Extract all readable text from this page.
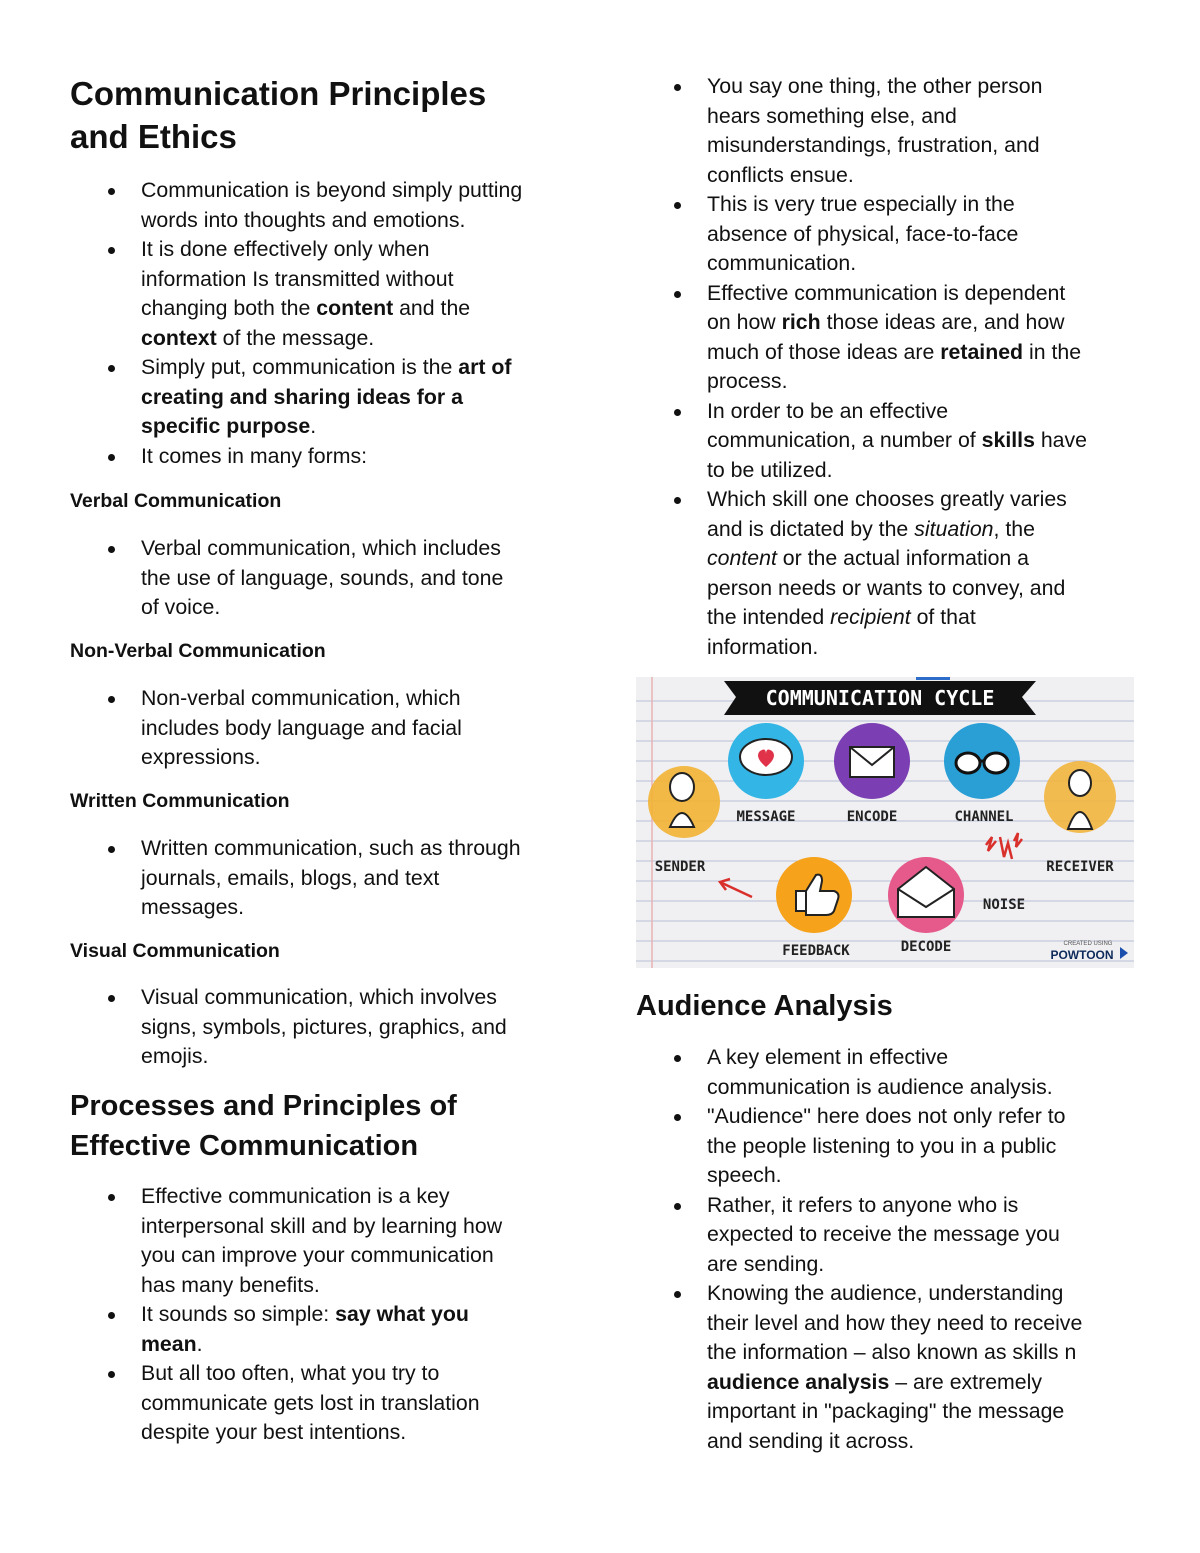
Communication Principles
and Ethics
Communication is beyond simply putting
words into thoughts and emotions.
It is done effectively only when
information Is transmitted without
changing both the content and the
context of the message.
Simply put, communication is the art of
creating and sharing ideas for a
specific purpose.
It comes in many forms:
Verbal Communication
Verbal communication, which includes
the use of language, sounds, and tone
of voice.
Non-Verbal Communication
Non-verbal communication, which
includes body language and facial
expressions.
Written Communication
Written communication, such as through
journals, emails, blogs, and text
messages.
Visual Communication
Visual communication, which involves
signs, symbols, pictures, graphics, and
emojis.
Processes and Principles of
Effective Communication
Effective communication is a key
interpersonal skill and by learning how
you can improve your communication
has many benefits.
It sounds so simple: say what you
mean.
But all too often, what you try to
communicate gets lost in translation
despite your best intentions.
You say one thing, the other person
hears something else, and
misunderstandings, frustration, and
conflicts ensue.
This is very true especially in the
absence of physical, face-to-face
communication.
Effective communication is dependent
on how rich those ideas are, and how
much of those ideas are retained in the
process.
In order to be an effective
communication, a number of skills have
to be utilized.
Which skill one chooses greatly varies
and is dictated by the situation, the
content or the actual information a
person needs or wants to convey, and
the intended recipient of that
information.
Audience Analysis
A key element in effective
communication is audience analysis.
"Audience" here does not only refer to
the people listening to you in a public
speech.
Rather, it refers to anyone who is
expected to receive the message you
are sending.
Knowing the audience, understanding
their level and how they need to receive
the information – also known as skills n
audience analysis – are extremely
important in "packaging" the message
and sending it across.
COMMUNICATION CYCLE
SENDER
MESSAGE	ENCODE	CHANNEL
RECEIVER
FEEDBACK	DECODE
NOISE
CREATED USING
POWTOON
